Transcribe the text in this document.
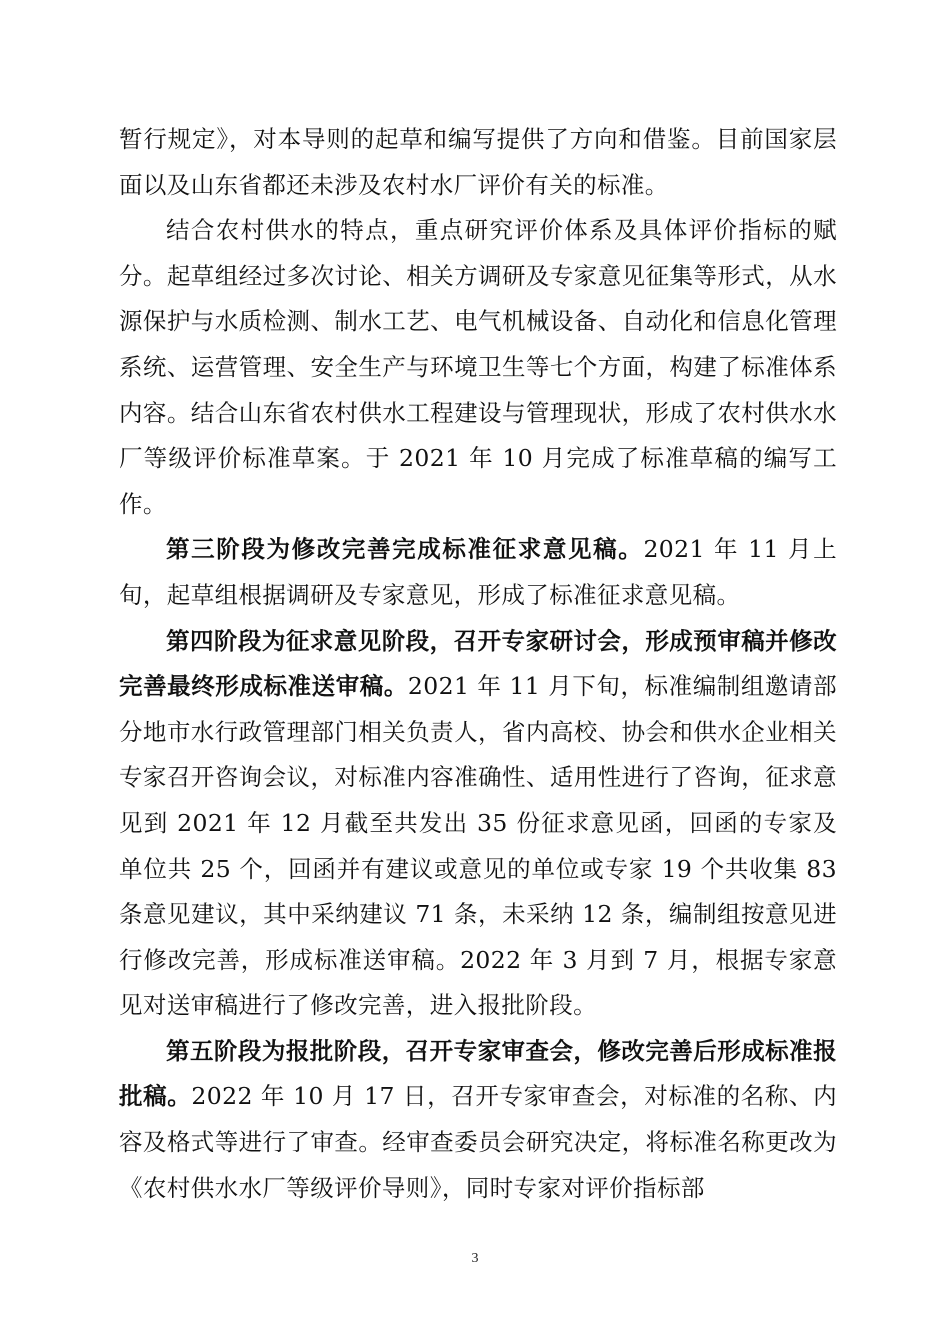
暂行规定》，对本导则的起草和编写提供了方向和借鉴。目前国家层面以及山东省都还未涉及农村水厂评价有关的标准。

结合农村供水的特点，重点研究评价体系及具体评价指标的赋分。起草组经过多次讨论、相关方调研及专家意见征集等形式，从水源保护与水质检测、制水工艺、电气机械设备、自动化和信息化管理系统、运营管理、安全生产与环境卫生等七个方面，构建了标准体系内容。结合山东省农村供水工程建设与管理现状，形成了农村供水水厂等级评价标准草案。于 2021 年 10 月完成了标准草稿的编写工作。

第三阶段为修改完善完成标准征求意见稿。2021 年 11 月上旬，起草组根据调研及专家意见，形成了标准征求意见稿。

第四阶段为征求意见阶段，召开专家研讨会，形成预审稿并修改完善最终形成标准送审稿。2021 年 11 月下旬，标准编制组邀请部分地市水行政管理部门相关负责人，省内高校、协会和供水企业相关专家召开咨询会议，对标准内容准确性、适用性进行了咨询，征求意见到 2021 年 12 月截至共发出 35 份征求意见函，回函的专家及单位共 25 个，回函并有建议或意见的单位或专家 19 个共收集 83 条意见建议，其中采纳建议 71 条，未采纳 12 条，编制组按意见进行修改完善，形成标准送审稿。2022 年 3 月到 7 月，根据专家意见对送审稿进行了修改完善，进入报批阶段。

第五阶段为报批阶段，召开专家审查会，修改完善后形成标准报批稿。2022 年 10 月 17 日，召开专家审查会，对标准的名称、内容及格式等进行了审查。经审查委员会研究决定，将标准名称更改为《农村供水水厂等级评价导则》，同时专家对评价指标部

3
